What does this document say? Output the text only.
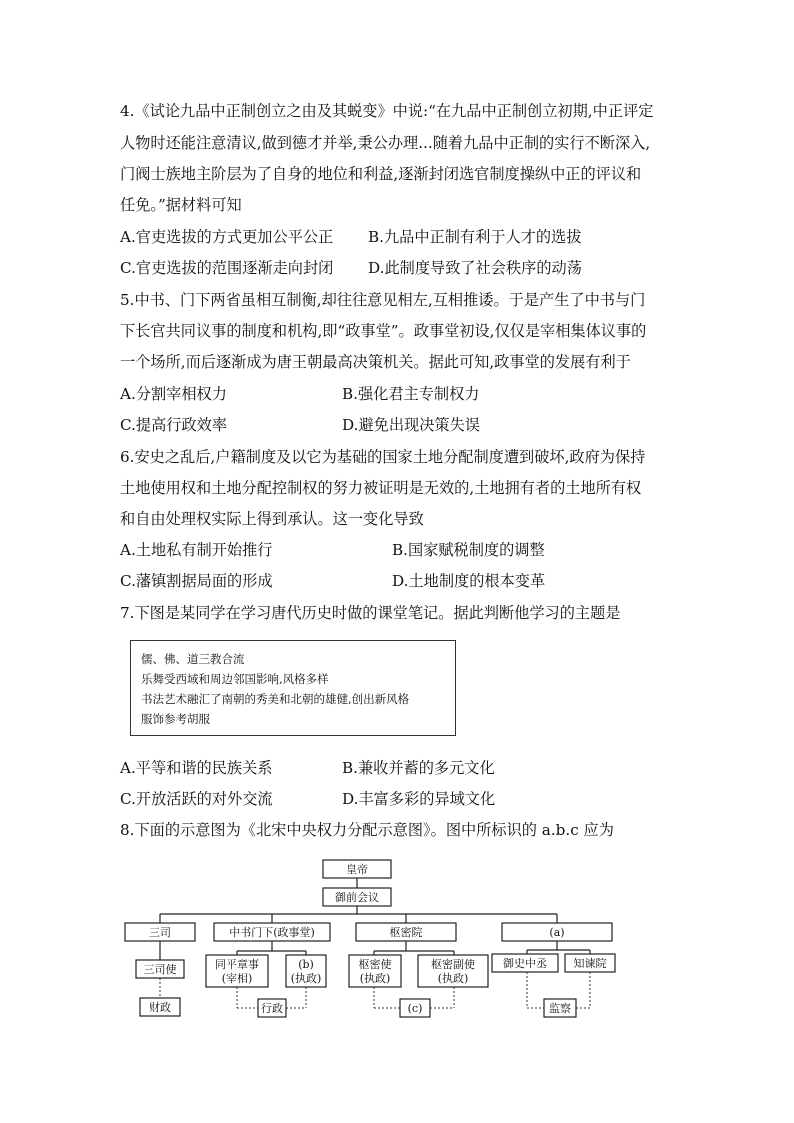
4.《试论九品中正制创立之由及其蜕变》中说:“在九品中正制创立初期,中正评定
人物时还能注意清议,做到德才并举,秉公办理...随着九品中正制的实行不断深入,
门阀士族地主阶层为了自身的地位和利益,逐渐封闭选官制度操纵中正的评议和
任免。”据材料可知
A.官吏选拔的方式更加公平公正 B.九品中正制有利于人才的选拔
C.官吏选拔的范围逐渐走向封闭 D.此制度导致了社会秩序的动荡
5.中书、门下两省虽相互制衡,却往往意见相左,互相推诿。于是产生了中书与门
下长官共同议事的制度和机构,即“政事堂”。政事堂初设,仅仅是宰相集体议事的
一个场所,而后逐渐成为唐王朝最高决策机关。据此可知,政事堂的发展有利于
A.分割宰相权力	B.强化君主专制权力
C.提高行政效率	D.避免出现决策失误
6.安史之乱后,户籍制度及以它为基础的国家土地分配制度遭到破坏,政府为保持
土地使用权和土地分配控制权的努力被证明是无效的,土地拥有者的土地所有权
和自由处理权实际上得到承认。这一变化导致
A.土地私有制开始推行	B.国家赋税制度的调整
C.藩镇割据局面的形成	D.土地制度的根本变革
7.下图是某同学在学习唐代历史时做的课堂笔记。据此判断他学习的主题是
儒、佛、道三教合流
乐舞受西域和周边邻国影响,风格多样
书法艺术融汇了南朝的秀美和北朝的雄健,创出新风格
服饰参考胡服
A.平等和谐的民族关系	B.兼收并蓄的多元文化
C.开放活跃的对外交流	D.丰富多彩的异域文化
8.下面的示意图为《北宋中央权力分配示意图》。图中所标识的 a.b.c 应为
皇帝
御前会议
三司	中书门下(政事堂)	枢密院	(a)
三司使	同平章事
(宰相)
(b)
(执政)
枢密使
(执政)
枢密副使
(执政)
御史中丞 知谏院
财政	行政	(c)	监察
